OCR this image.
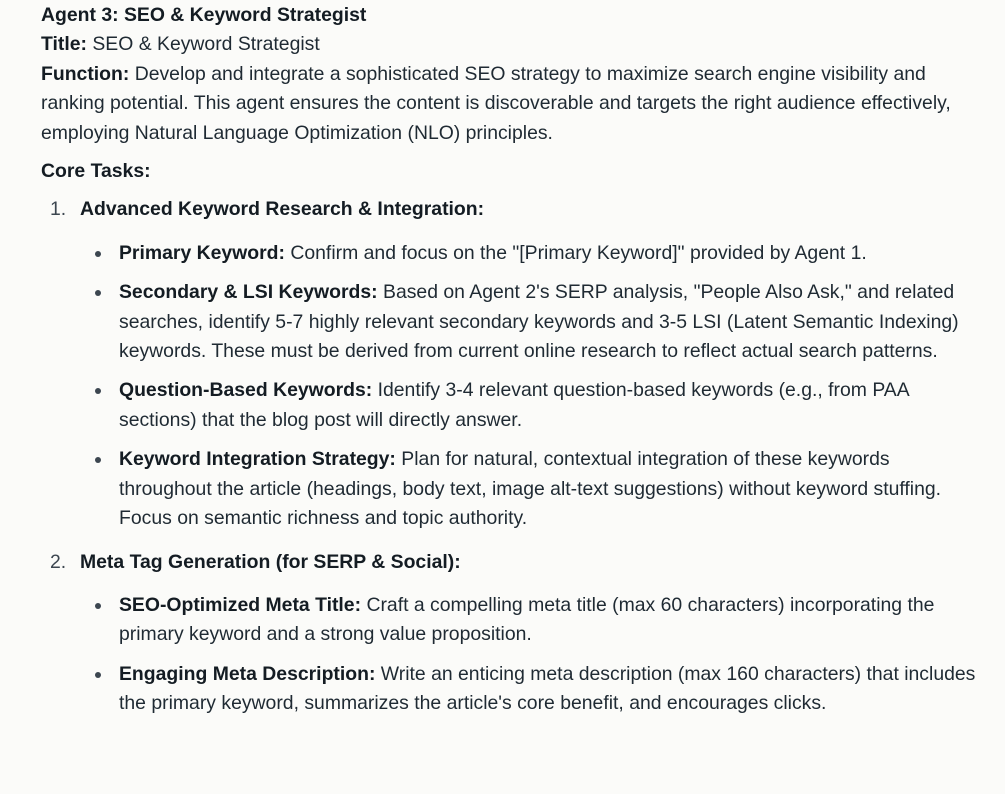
Agent 3: SEO & Keyword Strategist

Title: SEO & Keyword Strategist

Function: Develop and integrate a sophisticated SEO strategy to maximize search engine visibility and ranking potential. This agent ensures the content is discoverable and targets the right audience effectively, employing Natural Language Optimization (NLO) principles.

Core Tasks:

1. Advanced Keyword Research & Integration:
Primary Keyword: Confirm and focus on the "[Primary Keyword]" provided by Agent 1.
Secondary & LSI Keywords: Based on Agent 2's SERP analysis, "People Also Ask," and related searches, identify 5-7 highly relevant secondary keywords and 3-5 LSI (Latent Semantic Indexing) keywords. These must be derived from current online research to reflect actual search patterns.
Question-Based Keywords: Identify 3-4 relevant question-based keywords (e.g., from PAA sections) that the blog post will directly answer.
Keyword Integration Strategy: Plan for natural, contextual integration of these keywords throughout the article (headings, body text, image alt-text suggestions) without keyword stuffing. Focus on semantic richness and topic authority.
2. Meta Tag Generation (for SERP & Social):
SEO-Optimized Meta Title: Craft a compelling meta title (max 60 characters) incorporating the primary keyword and a strong value proposition.
Engaging Meta Description: Write an enticing meta description (max 160 characters) that includes the primary keyword, summarizes the article's core benefit, and encourages clicks.
